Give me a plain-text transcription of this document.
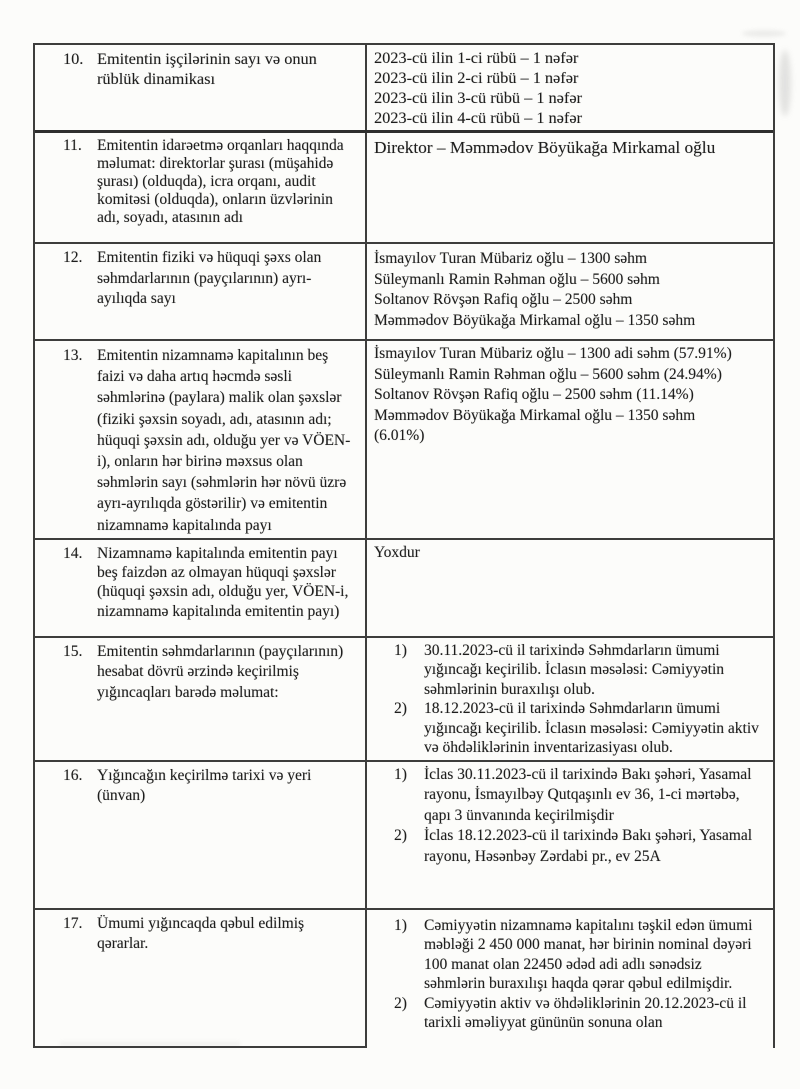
10. Emitentin işçilərinin sayı və onun rüblük dinamikası
2023-cü ilin 1-ci rübü – 1 nəfər
2023-cü ilin 2-ci rübü – 1 nəfər
2023-cü ilin 3-cü rübü – 1 nəfər
2023-cü ilin 4-cü rübü – 1 nəfər
11. Emitentin idarəetmə orqanları haqqında məlumat: direktorlar şurası (müşahidə şurası) (olduqda), icra orqanı, audit komitəsi (olduqda), onların üzvlərinin adı, soyadı, atasının adı
Direktor – Məmmədov Böyükağa Mirkamal oğlu
12. Emitentin fiziki və hüquqi şəxs olan səhmdarlarının (payçılarının) ayrı-ayılıqda sayı
İsmayılov Turan Mübariz oğlu – 1300 səhm
Süleymanlı Ramin Rəhman oğlu – 5600 səhm
Soltanov Rövşən Rafiq oğlu – 2500 səhm
Məmmədov Böyükağa Mirkamal oğlu – 1350 səhm
13. Emitentin nizamnamə kapitalının beş faizi və daha artıq həcmdə səsli səhmlərinə (paylara) malik olan şəxslər (fiziki şəxsin soyadı, adı, atasının adı; hüquqi şəxsin adı, olduğu yer və VÖEN-i), onların hər birinə məxsus olan səhmlərin sayı (səhmlərin hər növü üzrə ayrı-ayrılıqda göstərilir) və emitentin nizamnamə kapitalında payı
İsmayılov Turan Mübariz oğlu – 1300 adi səhm (57.91%)
Süleymanlı Ramin Rəhman oğlu – 5600 səhm (24.94%)
Soltanov Rövşən Rafiq oğlu – 2500 səhm (11.14%)
Məmmədov Böyükağa Mirkamal oğlu – 1350 səhm
(6.01%)
14. Nizamnamə kapitalında emitentin payı beş faizdən az olmayan hüquqi şəxslər (hüquqi şəxsin adı, olduğu yer, VÖEN-i, nizamnamə kapitalında emitentin payı)
Yoxdur
15. Emitentin səhmdarlarının (payçılarının) hesabat dövrü ərzində keçirilmiş yığıncaqları barədə məlumat:
1)	30.11.2023-cü il tarixində Səhmdarların ümumi yığıncağı keçirilib. İclasın məsələsi: Cəmiyyətin səhmlərinin buraxılışı olub.
2)	18.12.2023-cü il tarixində Səhmdarların ümumi yığıncağı keçirilib. İclasın məsələsi: Cəmiyyətin aktiv və öhdəliklərinin inventarizasiyası olub.
16. Yığıncağın keçirilmə tarixi və yeri (ünvan)
1)	İclas 30.11.2023-cü il tarixində Bakı şəhəri, Yasamal rayonu, İsmayılbəy Qutqaşınlı ev 36, 1-ci mərtəbə, qapı 3 ünvanında keçirilmişdir
2)	İclas 18.12.2023-cü il tarixində Bakı şəhəri, Yasamal rayonu, Həsənbəy Zərdabi pr., ev 25A
17. Ümumi yığıncaqda qəbul edilmiş qərarlar.
1)	Cəmiyyətin nizamnamə kapitalını təşkil edən ümumi məbləği 2 450 000 manat, hər birinin nominal dəyəri 100 manat olan 22450 ədəd adi adlı sənədsiz səhmlərin buraxılışı haqda qərar qəbul edilmişdir.
2)	Cəmiyyətin aktiv və öhdəliklərinin 20.12.2023-cü il tarixli əməliyyat gününün sonuna olan
